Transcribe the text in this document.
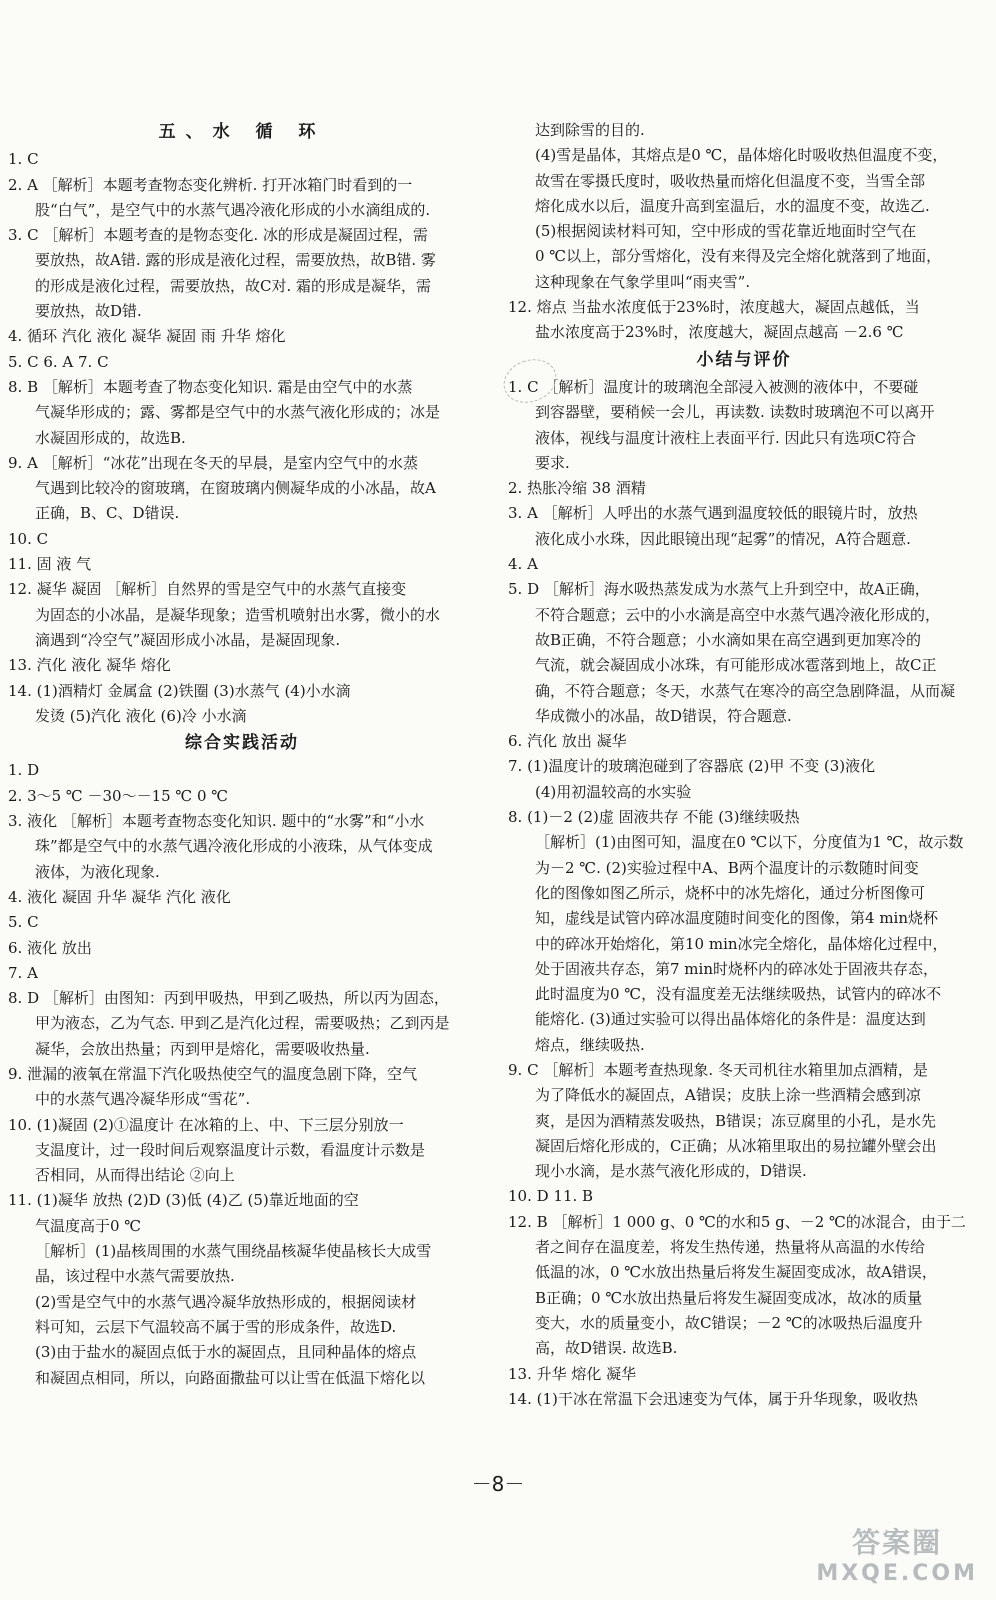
五、水 循 环
1. C
2. A ［解析］本题考查物态变化辨析. 打开冰箱门时看到的一
股“白气”，是空气中的水蒸气遇冷液化形成的小水滴组成的.
3. C ［解析］本题考查的是物态变化. 冰的形成是凝固过程，需
要放热，故A错. 露的形成是液化过程，需要放热，故B错. 雾
的形成是液化过程，需要放热，故C对. 霜的形成是凝华，需
要放热，故D错.
4. 循环 汽化 液化 凝华 凝固 雨 升华 熔化
5. C 6. A 7. C
8. B ［解析］本题考查了物态变化知识. 霜是由空气中的水蒸
气凝华形成的；露、雾都是空气中的水蒸气液化形成的；冰是
水凝固形成的，故选B.
9. A ［解析］“冰花”出现在冬天的早晨，是室内空气中的水蒸
气遇到比较冷的窗玻璃，在窗玻璃内侧凝华成的小冰晶，故A
正确，B、C、D错误.
10. C
11. 固 液 气
12. 凝华 凝固 ［解析］自然界的雪是空气中的水蒸气直接变
为固态的小冰晶，是凝华现象；造雪机喷射出水雾，微小的水
滴遇到“冷空气”凝固形成小冰晶，是凝固现象.
13. 汽化 液化 凝华 熔化
14. (1)酒精灯 金属盒 (2)铁圈 (3)水蒸气 (4)小水滴
发烫 (5)汽化 液化 (6)冷 小水滴
综合实践活动
1. D
2. 3～5 ℃ －30～－15 ℃ 0 ℃
3. 液化 ［解析］本题考查物态变化知识. 题中的“水雾”和“小水
珠”都是空气中的水蒸气遇冷液化形成的小液珠，从气体变成
液体，为液化现象.
4. 液化 凝固 升华 凝华 汽化 液化
5. C
6. 液化 放出
7. A
8. D ［解析］由图知：丙到甲吸热，甲到乙吸热，所以丙为固态，
甲为液态，乙为气态. 甲到乙是汽化过程，需要吸热；乙到丙是
凝华，会放出热量；丙到甲是熔化，需要吸收热量.
9. 泄漏的液氧在常温下汽化吸热使空气的温度急剧下降，空气
中的水蒸气遇冷凝华形成“雪花”.
10. (1)凝固 (2)①温度计 在冰箱的上、中、下三层分别放一
支温度计，过一段时间后观察温度计示数，看温度计示数是
否相同，从而得出结论 ②向上
11. (1)凝华 放热 (2)D (3)低 (4)乙 (5)靠近地面的空
气温度高于0 ℃
［解析］(1)晶核周围的水蒸气围绕晶核凝华使晶核长大成雪
晶，该过程中水蒸气需要放热.
(2)雪是空气中的水蒸气遇冷凝华放热形成的，根据阅读材
料可知，云层下气温较高不属于雪的形成条件，故选D.
(3)由于盐水的凝固点低于水的凝固点，且同种晶体的熔点
和凝固点相同，所以，向路面撒盐可以让雪在低温下熔化以
达到除雪的目的.
(4)雪是晶体，其熔点是0 ℃，晶体熔化时吸收热但温度不变，
故雪在零摄氏度时，吸收热量而熔化但温度不变，当雪全部
熔化成水以后，温度升高到室温后，水的温度不变，故选乙.
(5)根据阅读材料可知，空中形成的雪花靠近地面时空气在
0 ℃以上，部分雪熔化，没有来得及完全熔化就落到了地面，
这种现象在气象学里叫“雨夹雪”.
12. 熔点 当盐水浓度低于23%时，浓度越大，凝固点越低，当
盐水浓度高于23%时，浓度越大，凝固点越高 －2.6 ℃
小结与评价
1. C ［解析］温度计的玻璃泡全部浸入被测的液体中，不要碰
到容器壁，要稍候一会儿，再读数. 读数时玻璃泡不可以离开
液体，视线与温度计液柱上表面平行. 因此只有选项C符合
要求.
2. 热胀冷缩 38 酒精
3. A ［解析］人呼出的水蒸气遇到温度较低的眼镜片时，放热
液化成小水珠，因此眼镜出现“起雾”的情况，A符合题意.
4. A
5. D ［解析］海水吸热蒸发成为水蒸气上升到空中，故A正确，
不符合题意；云中的小水滴是高空中水蒸气遇冷液化形成的，
故B正确，不符合题意；小水滴如果在高空遇到更加寒冷的
气流，就会凝固成小冰珠，有可能形成冰雹落到地上，故C正
确，不符合题意；冬天，水蒸气在寒冷的高空急剧降温，从而凝
华成微小的冰晶，故D错误，符合题意.
6. 汽化 放出 凝华
7. (1)温度计的玻璃泡碰到了容器底 (2)甲 不变 (3)液化
(4)用初温较高的水实验
8. (1)－2 (2)虚 固液共存 不能 (3)继续吸热
［解析］(1)由图可知，温度在0 ℃以下，分度值为1 ℃，故示数
为－2 ℃. (2)实验过程中A、B两个温度计的示数随时间变
化的图像如图乙所示，烧杯中的冰先熔化，通过分析图像可
知，虚线是试管内碎冰温度随时间变化的图像，第4 min烧杯
中的碎冰开始熔化，第10 min冰完全熔化，晶体熔化过程中，
处于固液共存态，第7 min时烧杯内的碎冰处于固液共存态，
此时温度为0 ℃，没有温度差无法继续吸热，试管内的碎冰不
能熔化. (3)通过实验可以得出晶体熔化的条件是：温度达到
熔点，继续吸热.
9. C ［解析］本题考查热现象. 冬天司机往水箱里加点酒精，是
为了降低水的凝固点，A错误；皮肤上涂一些酒精会感到凉
爽，是因为酒精蒸发吸热，B错误；冻豆腐里的小孔，是水先
凝固后熔化形成的，C正确；从冰箱里取出的易拉罐外壁会出
现小水滴，是水蒸气液化形成的，D错误.
10. D 11. B
12. B ［解析］1 000 g、0 ℃的水和5 g、－2 ℃的冰混合，由于二
者之间存在温度差，将发生热传递，热量将从高温的水传给
低温的冰，0 ℃水放出热量后将发生凝固变成冰，故A错误，
B正确；0 ℃水放出热量后将发生凝固变成冰，故冰的质量
变大，水的质量变小，故C错误；－2 ℃的冰吸热后温度升
高，故D错误. 故选B.
13. 升华 熔化 凝华
14. (1)干冰在常温下会迅速变为气体，属于升华现象，吸收热
－8－
答案圈
MXQE.COM
